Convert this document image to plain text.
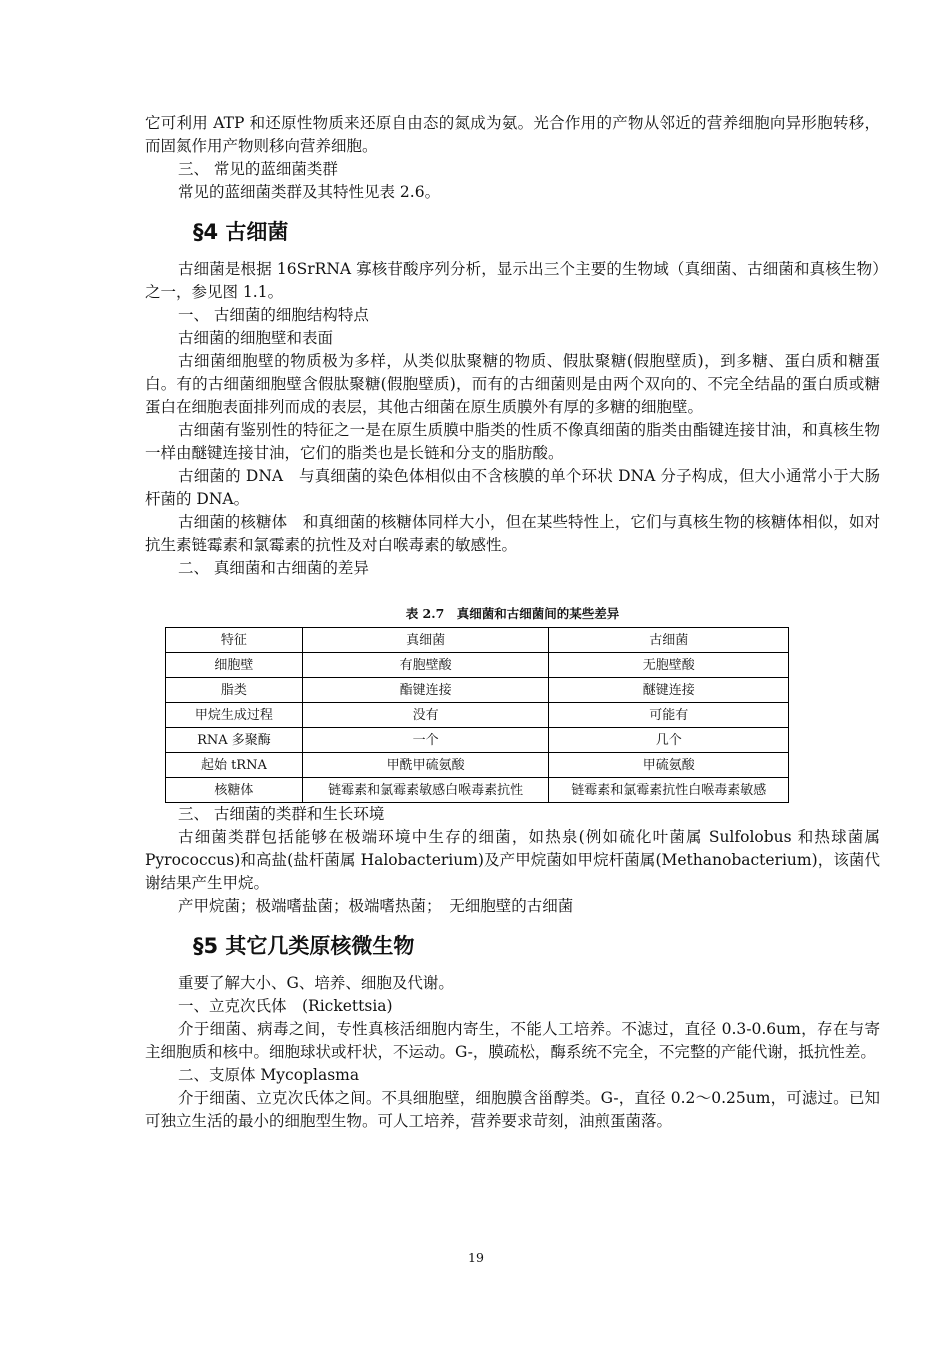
它可利用 ATP 和还原性物质来还原自由态的氮成为氨。光合作用的产物从邻近的营养细胞向异形胞转移，而固氮作用产物则移向营养细胞。

三、 常见的蓝细菌类群

常见的蓝细菌类群及其特性见表 2.6。

§4 古细菌

古细菌是根据 16SrRNA 寡核苷酸序列分析，显示出三个主要的生物域（真细菌、古细菌和真核生物）之一，参见图 1.1。

一、 古细菌的细胞结构特点

古细菌的细胞壁和表面

古细菌细胞壁的物质极为多样，从类似肽聚糖的物质、假肽聚糖(假胞壁质)，到多糖、蛋白质和糖蛋白。有的古细菌细胞壁含假肽聚糖(假胞壁质)，而有的古细菌则是由两个双向的、不完全结晶的蛋白质或糖蛋白在细胞表面排列而成的表层，其他古细菌在原生质膜外有厚的多糖的细胞壁。

古细菌有鉴别性的特征之一是在原生质膜中脂类的性质不像真细菌的脂类由酯键连接甘油，和真核生物一样由醚键连接甘油，它们的脂类也是长链和分支的脂肪酸。

古细菌的 DNA　与真细菌的染色体相似由不含核膜的单个环状 DNA 分子构成，但大小通常小于大肠杆菌的 DNA。

古细菌的核糖体　和真细菌的核糖体同样大小，但在某些特性上，它们与真核生物的核糖体相似，如对抗生素链霉素和氯霉素的抗性及对白喉毒素的敏感性。

二、 真细菌和古细菌的差异

表 2.7　真细菌和古细菌间的某些差异
特征	真细菌	古细菌
细胞壁	有胞壁酸	无胞壁酸
脂类	酯键连接	醚键连接
甲烷生成过程	没有	可能有
RNA 多聚酶	一个	几个
起始 tRNA	甲酰甲硫氨酸	甲硫氨酸
核糖体	链霉素和氯霉素敏感白喉毒素抗性	链霉素和氯霉素抗性白喉毒素敏感

三、 古细菌的类群和生长环境

古细菌类群包括能够在极端环境中生存的细菌，如热泉(例如硫化叶菌属 Sulfolobus 和热球菌属 Pyrococcus)和高盐(盐杆菌属 Halobacterium)及产甲烷菌如甲烷杆菌属(Methanobacterium)，该菌代谢结果产生甲烷。

产甲烷菌；极端嗜盐菌；极端嗜热菌；　无细胞壁的古细菌

§5 其它几类原核微生物

重要了解大小、G、培养、细胞及代谢。

一、立克次氏体　(Rickettsia)

介于细菌、病毒之间，专性真核活细胞内寄生，不能人工培养。不滤过，直径 0.3-0.6um，存在与寄主细胞质和核中。细胞球状或杆状，不运动。G-，膜疏松，酶系统不完全，不完整的产能代谢，抵抗性差。

二、支原体 Mycoplasma

介于细菌、立克次氏体之间。不具细胞壁，细胞膜含甾醇类。G-，直径 0.2～0.25um，可滤过。已知可独立生活的最小的细胞型生物。可人工培养，营养要求苛刻，油煎蛋菌落。

19
